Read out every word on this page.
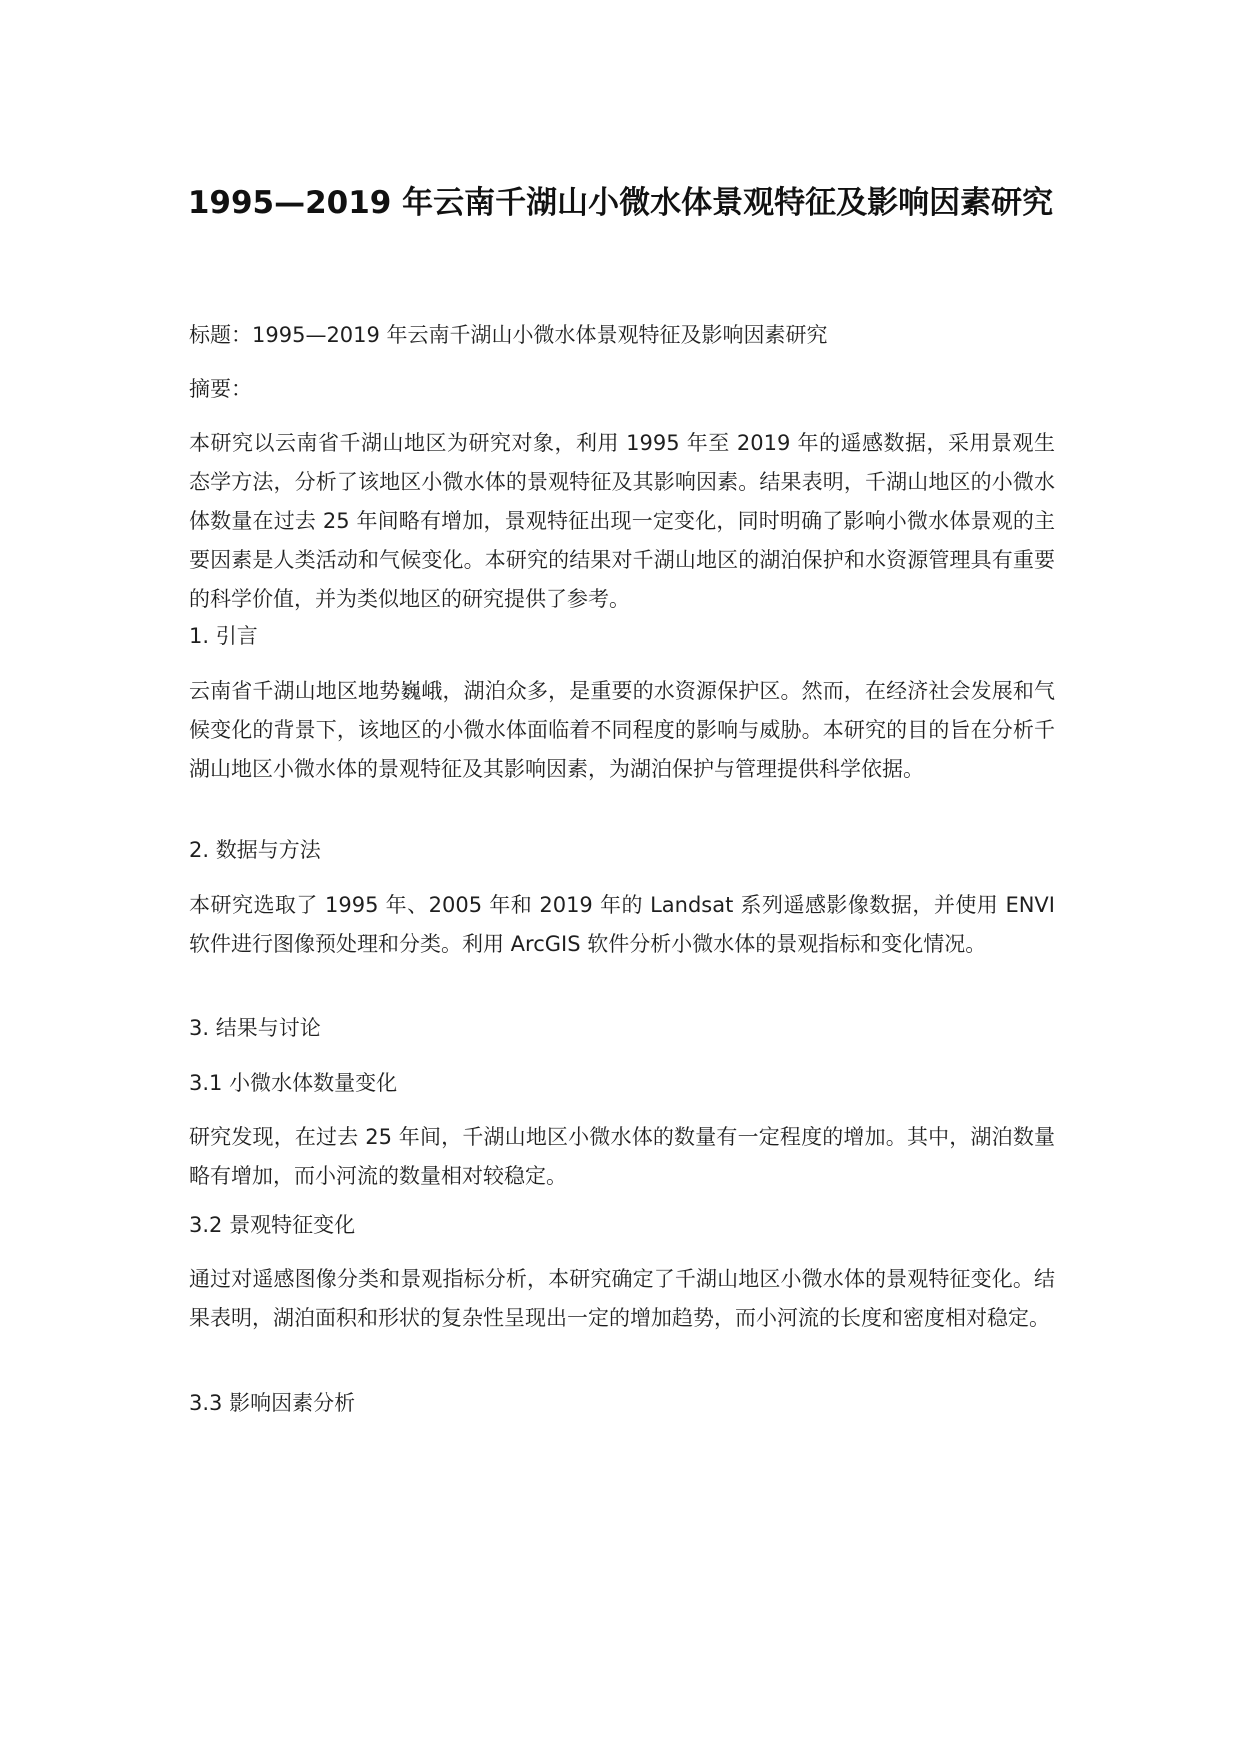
1995—2019 年云南千湖山小微水体景观特征及影响因素研究

标题：1995—2019 年云南千湖山小微水体景观特征及影响因素研究

摘要：

本研究以云南省千湖山地区为研究对象，利用 1995 年至 2019 年的遥感数据，采用景观生态学方法，分析了该地区小微水体的景观特征及其影响因素。结果表明，千湖山地区的小微水体数量在过去 25 年间略有增加，景观特征出现一定变化，同时明确了影响小微水体景观的主要因素是人类活动和气候变化。本研究的结果对千湖山地区的湖泊保护和水资源管理具有重要的科学价值，并为类似地区的研究提供了参考。

1. 引言

云南省千湖山地区地势巍峨，湖泊众多，是重要的水资源保护区。然而，在经济社会发展和气候变化的背景下，该地区的小微水体面临着不同程度的影响与威胁。本研究的目的旨在分析千湖山地区小微水体的景观特征及其影响因素，为湖泊保护与管理提供科学依据。

2. 数据与方法

本研究选取了 1995 年、2005 年和 2019 年的 Landsat 系列遥感影像数据，并使用 ENVI 软件进行图像预处理和分类。利用 ArcGIS 软件分析小微水体的景观指标和变化情况。

3. 结果与讨论

3.1 小微水体数量变化

研究发现，在过去 25 年间，千湖山地区小微水体的数量有一定程度的增加。其中，湖泊数量略有增加，而小河流的数量相对较稳定。

3.2 景观特征变化

通过对遥感图像分类和景观指标分析，本研究确定了千湖山地区小微水体的景观特征变化。结果表明，湖泊面积和形状的复杂性呈现出一定的增加趋势，而小河流的长度和密度相对稳定。

3.3 影响因素分析
